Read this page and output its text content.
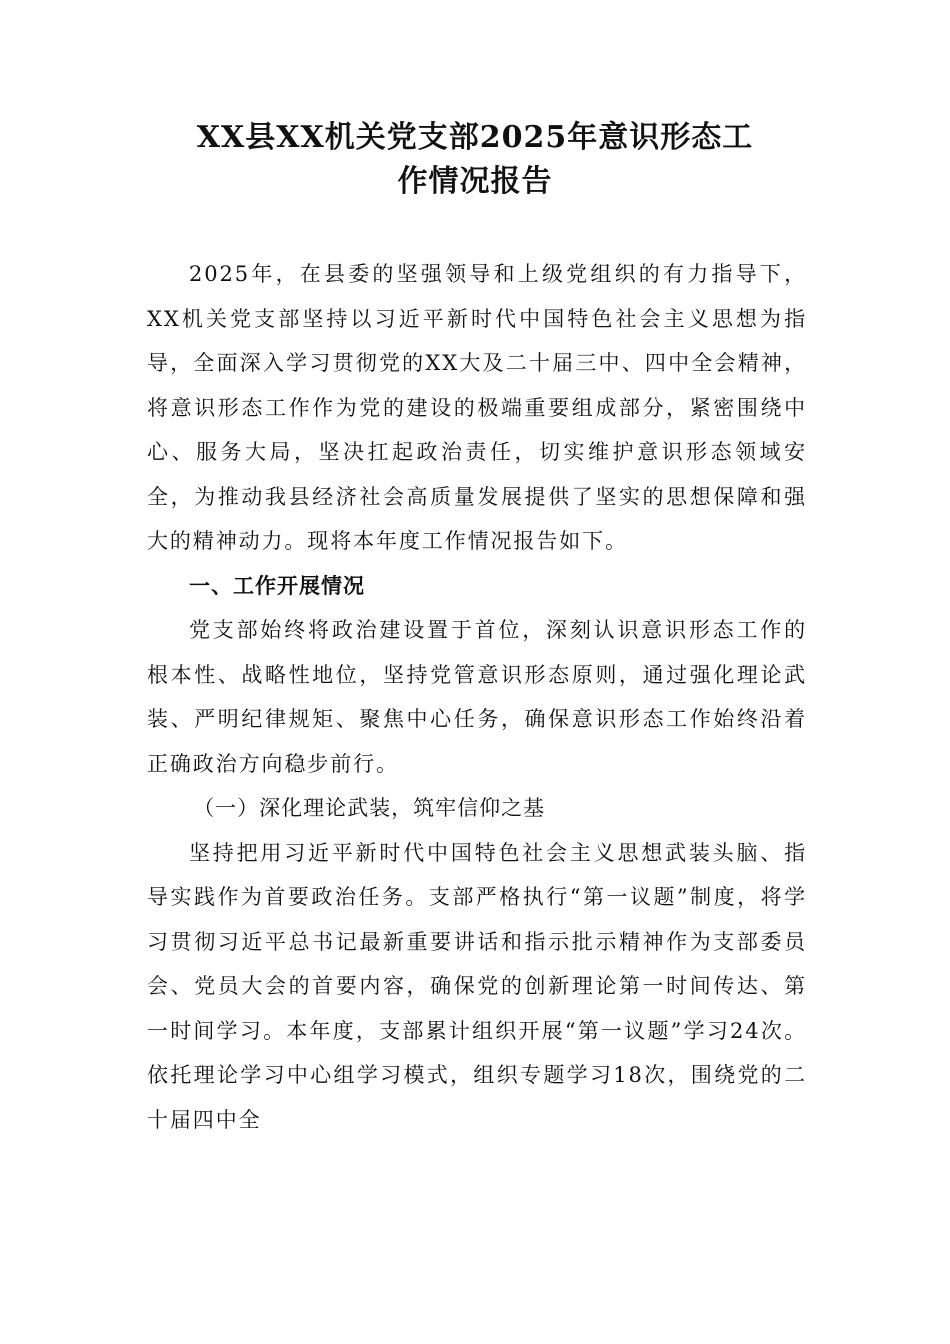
XX县XX机关党支部2025年意识形态工
作情况报告

2025年，在县委的坚强领导和上级党组织的有力指导下，XX机关党支部坚持以习近平新时代中国特色社会主义思想为指导，全面深入学习贯彻党的XX大及二十届三中、四中全会精神，将意识形态工作作为党的建设的极端重要组成部分，紧密围绕中心、服务大局，坚决扛起政治责任，切实维护意识形态领域安全，为推动我县经济社会高质量发展提供了坚实的思想保障和强大的精神动力。现将本年度工作情况报告如下。

一、工作开展情况

党支部始终将政治建设置于首位，深刻认识意识形态工作的根本性、战略性地位，坚持党管意识形态原则，通过强化理论武装、严明纪律规矩、聚焦中心任务，确保意识形态工作始终沿着正确政治方向稳步前行。

（一）深化理论武装，筑牢信仰之基

坚持把用习近平新时代中国特色社会主义思想武装头脑、指导实践作为首要政治任务。支部严格执行“第一议题”制度，将学习贯彻习近平总书记最新重要讲话和指示批示精神作为支部委员会、党员大会的首要内容，确保党的创新理论第一时间传达、第一时间学习。本年度，支部累计组织开展“第一议题”学习24次。依托理论学习中心组学习模式，组织专题学习18次，围绕党的二十届四中全
